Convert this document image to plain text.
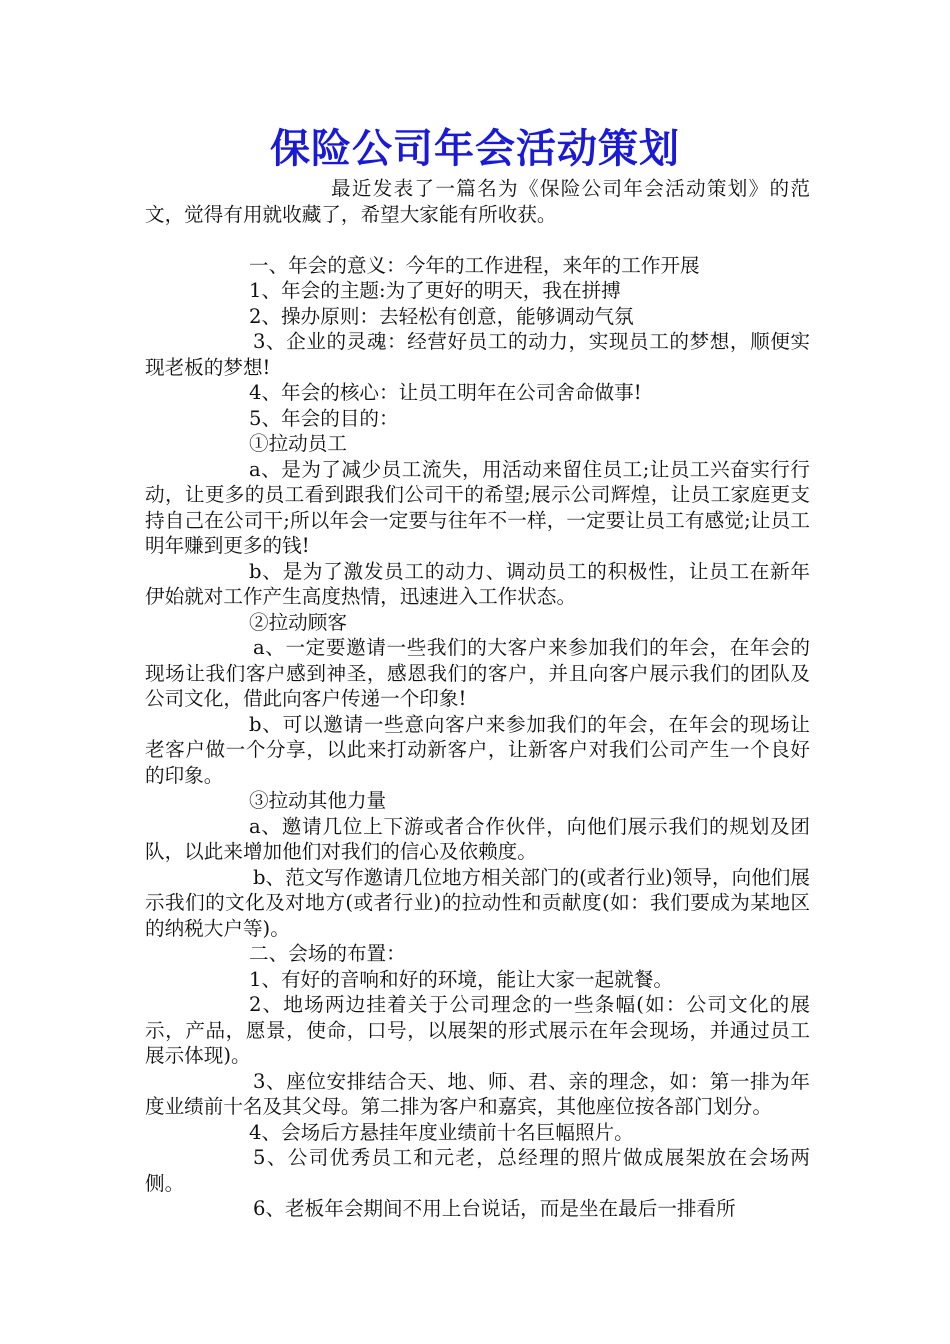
保险公司年会活动策划

最近发表了一篇名为《保险公司年会活动策划》的范文，觉得有用就收藏了，希望大家能有所收获。

一、年会的意义：今年的工作进程，来年的工作开展

1、年会的主题:为了更好的明天，我在拼搏

2、操办原则：去轻松有创意，能够调动气氛

3、企业的灵魂：经营好员工的动力，实现员工的梦想，顺便实现老板的梦想!

4、年会的核心：让员工明年在公司舍命做事!

5、年会的目的：

①拉动员工

a、是为了减少员工流失，用活动来留住员工;让员工兴奋实行行动，让更多的员工看到跟我们公司干的希望;展示公司辉煌，让员工家庭更支持自己在公司干;所以年会一定要与往年不一样，一定要让员工有感觉;让员工明年赚到更多的钱!

b、是为了激发员工的动力、调动员工的积极性，让员工在新年伊始就对工作产生高度热情，迅速进入工作状态。

②拉动顾客

a、一定要邀请一些我们的大客户来参加我们的年会，在年会的现场让我们客户感到神圣，感恩我们的客户，并且向客户展示我们的团队及公司文化，借此向客户传递一个印象!

b、可以邀请一些意向客户来参加我们的年会，在年会的现场让老客户做一个分享，以此来打动新客户，让新客户对我们公司产生一个良好的印象。

③拉动其他力量

a、邀请几位上下游或者合作伙伴，向他们展示我们的规划及团队，以此来增加他们对我们的信心及依赖度。

b、范文写作邀请几位地方相关部门的(或者行业)领导，向他们展示我们的文化及对地方(或者行业)的拉动性和贡献度(如：我们要成为某地区的纳税大户等)。

二、会场的布置：

1、有好的音响和好的环境，能让大家一起就餐。

2、地场两边挂着关于公司理念的一些条幅(如：公司文化的展示，产品，愿景，使命，口号，以展架的形式展示在年会现场，并通过员工展示体现)。

3、座位安排结合天、地、师、君、亲的理念，如：第一排为年度业绩前十名及其父母。第二排为客户和嘉宾，其他座位按各部门划分。

4、会场后方悬挂年度业绩前十名巨幅照片。

5、公司优秀员工和元老，总经理的照片做成展架放在会场两侧。

6、老板年会期间不用上台说话，而是坐在最后一排看所
